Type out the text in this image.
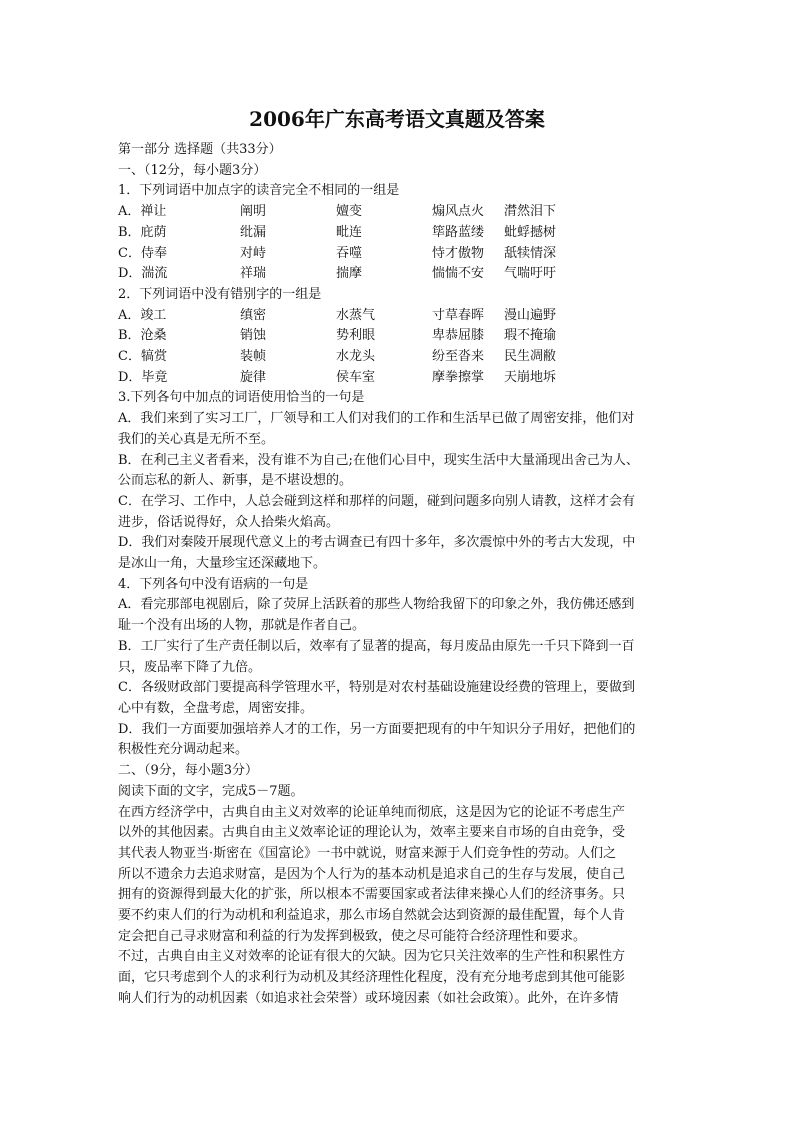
2006年广东高考语文真题及答案
第一部分 选择题（共33分）
一、（12分，每小题3分）
1．下列词语中加点字的读音完全不相同的一组是
A．禅让	阐明	嬗变	煽风点火	潸然泪下
B．庇荫	纰漏	毗连	筚路蓝缕	蚍蜉撼树
C．侍奉	对峙	吞噬	恃才傲物	舐犊情深
D．湍流	祥瑞	揣摩	惴惴不安	气喘吁吁
2．下列词语中没有错别字的一组是
A．竣工	缜密	水蒸气	寸草春晖	漫山遍野
B．沧桑	销蚀	势利眼	卑恭屈膝	瑕不掩瑜
C．犒赏	装帧	水龙头	纷至沓来	民生凋敝
D．毕竟	旋律	侯车室	摩拳擦掌	天崩地坼
3.下列各句中加点的词语使用恰当的一句是
A．我们来到了实习工厂，厂领导和工人们对我们的工作和生活早已做了周密安排，他们对
我们的关心真是无所不至。
B．在利己主义者看来，没有谁不为自己;在他们心目中，现实生活中大量涌现出舍己为人、
公而忘私的新人、新事，是不堪设想的。
C．在学习、工作中，人总会碰到这样和那样的问题，碰到问题多向别人请教，这样才会有
进步，俗话说得好，众人拾柴火焰高。
D．我们对秦陵开展现代意义上的考古调查已有四十多年，多次震惊中外的考古大发现，中
是冰山一角，大量珍宝还深藏地下。
4．下列各句中没有语病的一句是
A．看完那部电视剧后，除了荧屏上活跃着的那些人物给我留下的印象之外，我仿佛还感到
耻一个没有出场的人物，那就是作者自己。
B．工厂实行了生产责任制以后，效率有了显著的提高，每月废品由原先一千只下降到一百
只，废品率下降了九倍。
C．各级财政部门要提高科学管理水平，特别是对农村基础设施建设经费的管理上，要做到
心中有数，全盘考虑，周密安排。
D．我们一方面要加强培养人才的工作，另一方面要把现有的中午知识分子用好，把他们的
积极性充分调动起来。
二、（9分，每小题3分）
阅读下面的文字，完成5－7题。
在西方经济学中，古典自由主义对效率的论证单纯而彻底，这是因为它的论证不考虑生产
以外的其他因素。古典自由主义效率论证的理论认为，效率主要来自市场的自由竞争，受
其代表人物亚当·斯密在《国富论》一书中就说，财富来源于人们竞争性的劳动。人们之
所以不遗余力去追求财富，是因为个人行为的基本动机是追求自己的生存与发展，使自己
拥有的资源得到最大化的扩张，所以根本不需要国家或者法律来操心人们的经济事务。只
要不约束人们的行为动机和利益追求，那么市场自然就会达到资源的最佳配置，每个人肯
定会把自己寻求财富和利益的行为发挥到极致，使之尽可能符合经济理性和要求。
不过，古典自由主义对效率的论证有很大的欠缺。因为它只关注效率的生产性和积累性方
面，它只考虑到个人的求利行为动机及其经济理性化程度，没有充分地考虑到其他可能影
响人们行为的动机因素（如追求社会荣誉）或环境因素（如社会政策）。此外，在许多情
